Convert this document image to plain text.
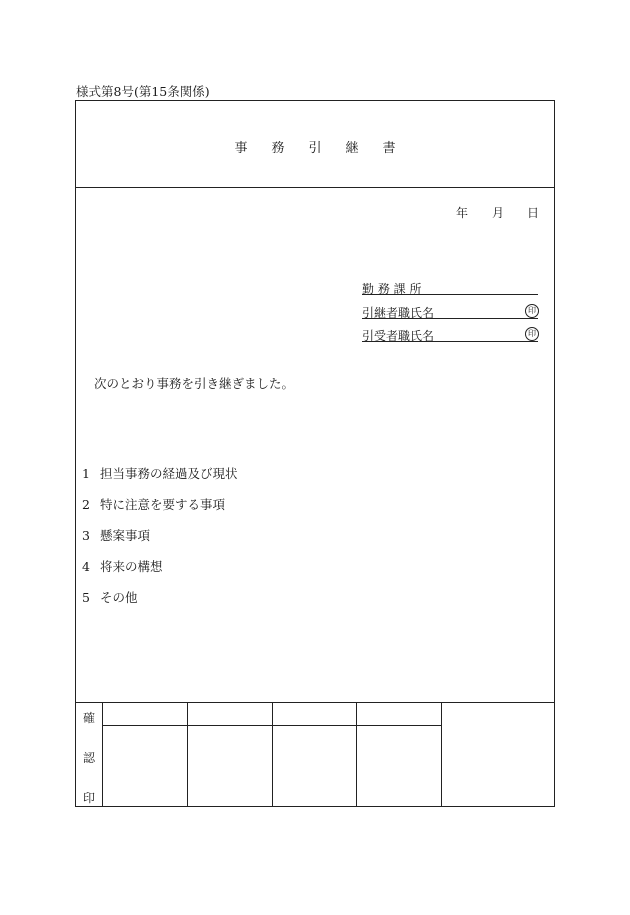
様式第8号(第15条関係)
事 務 引 継 書
年 月 日
勤 務 課 所
引継者職氏名	印
引受者職氏名	印
次のとおり事務を引き継ぎました。
1 担当事務の経過及び現状
2 特に注意を要する事項
3 懸案事項
4 将来の構想
5 その他
確
認
印
